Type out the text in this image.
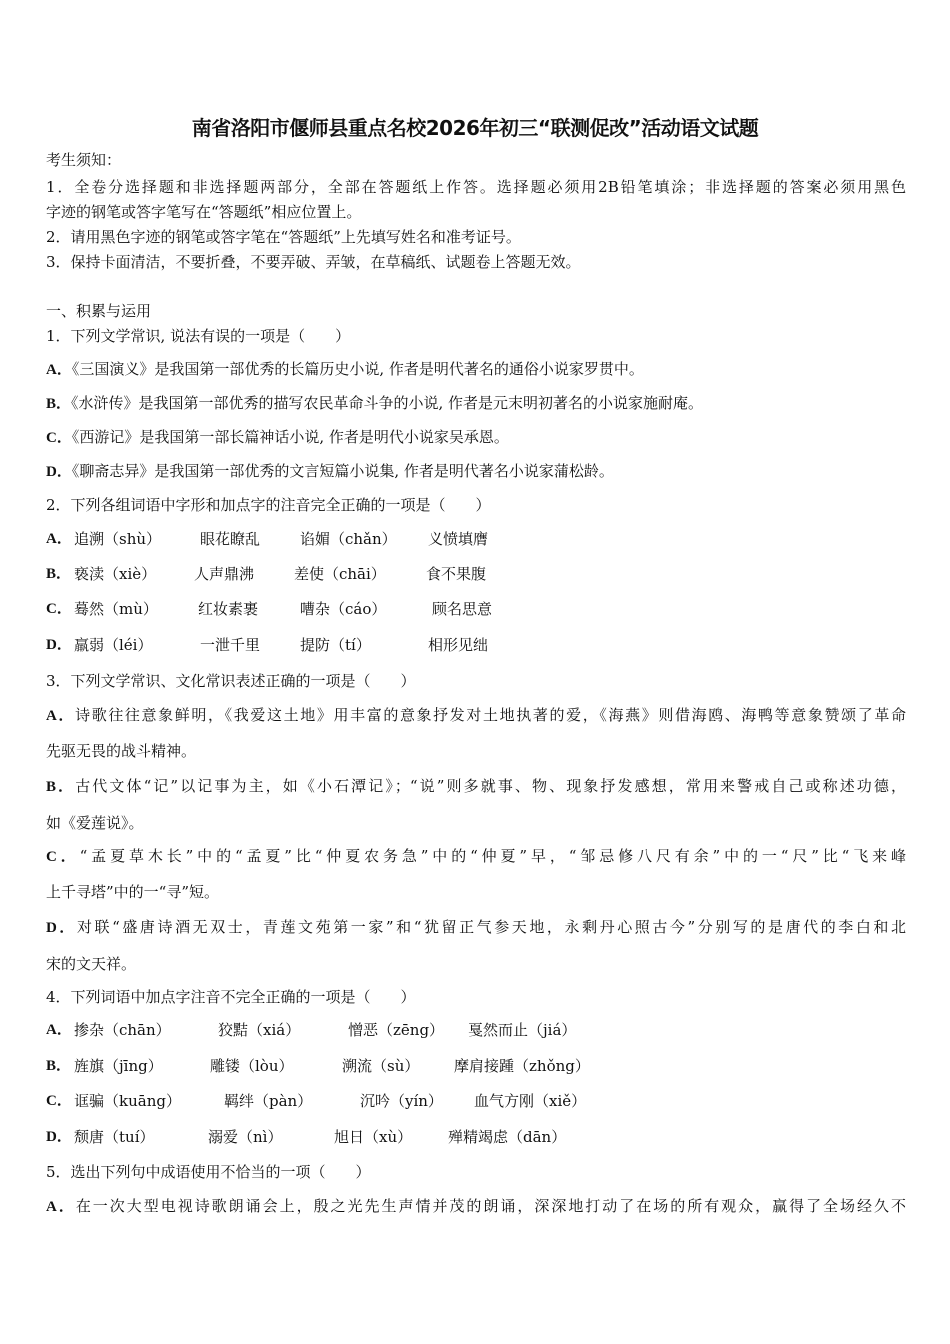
南省洛阳市偃师县重点名校2026年初三“联测促改”活动语文试题
考生须知：
1．全卷分选择题和非选择题两部分，全部在答题纸上作答。选择题必须用2B铅笔填涂；非选择题的答案必须用黑色
字迹的钢笔或答字笔写在“答题纸”相应位置上。
2．请用黑色字迹的钢笔或答字笔在“答题纸”上先填写姓名和准考证号。
3．保持卡面清洁，不要折叠，不要弄破、弄皱，在草稿纸、试题卷上答题无效。
一、积累与运用
1．下列文学常识, 说法有误的一项是（　　）
A．《三国演义》是我国第一部优秀的长篇历史小说, 作者是明代著名的通俗小说家罗贯中。
B．《水浒传》是我国第一部优秀的描写农民革命斗争的小说, 作者是元末明初著名的小说家施耐庵。
C．《西游记》是我国第一部长篇神话小说, 作者是明代小说家吴承恩。
D．《聊斋志异》是我国第一部优秀的文言短篇小说集, 作者是明代著名小说家蒲松龄。
2．下列各组词语中字形和加点字的注音完全正确的一项是（　　）
A． 追溯（shù）	眼花瞭乱	谄媚（chǎn） 义愤填膺
B． 亵渎（xiè）	人声鼎沸	差使（chāi）	食不果腹
C． 蓦然（mù）	红妆素裹	嘈杂（cáo）	顾名思意
D． 羸弱（léi）	一泄千里	提防（tí）	相形见绌
3．下列文学常识、文化常识表述正确的一项是（　　）
A．诗歌往往意象鲜明，《我爱这土地》用丰富的意象抒发对土地执著的爱，《海燕》则借海鸥、海鸭等意象赞颂了革命
先驱无畏的战斗精神。
B．古代文体“记”以记事为主，如《小石潭记》；“说”则多就事、物、现象抒发感想，常用来警戒自己或称述功德，
如《爱莲说》。
C．“孟夏草木长”中的“孟夏”比“仲夏农务急”中的“仲夏”早，“邹忌修八尺有余”中的一“尺”比“飞来峰
上千寻塔”中的一“寻”短。
D．对联“盛唐诗酒无双士，青莲文苑第一家”和“犹留正气参天地，永剩丹心照古今”分别写的是唐代的李白和北
宋的文天祥。
4．下列词语中加点字注音不完全正确的一项是（　　）
A． 掺杂（chān）	狡黠（xiá）	憎恶（zēng） 戛然而止（jiá）
B． 旌旗（jīng）	雕镂（lòu）	溯流（sù） 摩肩接踵（zhǒng）
C． 诓骗（kuāng）	羁绊（pàn）	沉吟（yín） 血气方刚（xiě）
D． 颓唐（tuí）	溺爱（nì）	旭日（xù） 殚精竭虑（dān）
5．选出下列句中成语使用不恰当的一项（　　）
A．在一次大型电视诗歌朗诵会上，殷之光先生声情并茂的朗诵，深深地打动了在场的所有观众，赢得了全场经久不
